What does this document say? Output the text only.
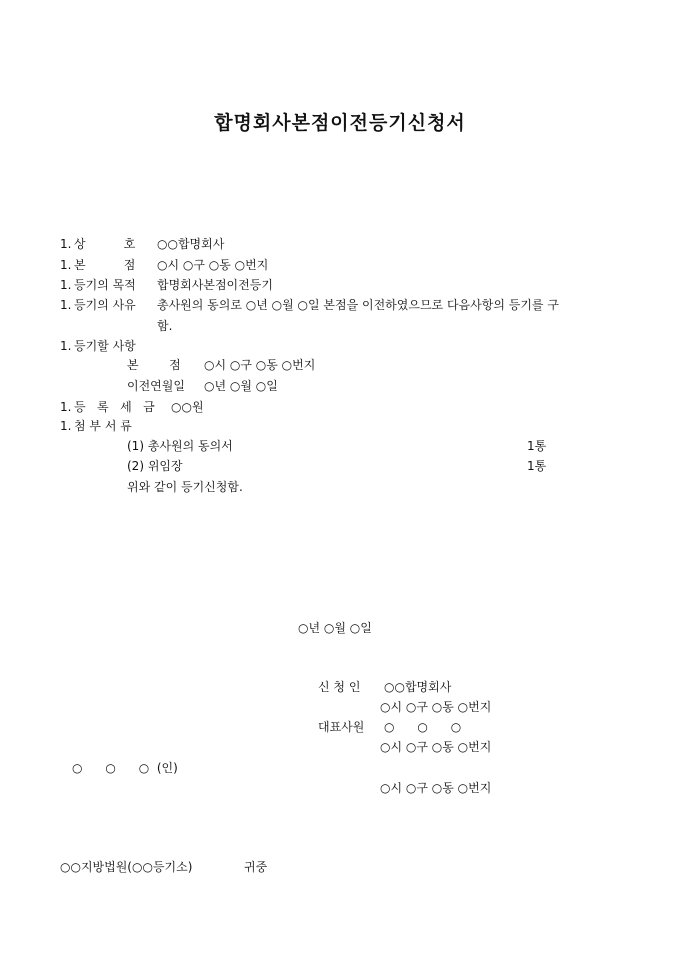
합명회사본점이전등기신청서
1. 상          호 ○○합명회사
1. 본          점 ○시 ○구 ○동 ○번지
1. 등기의 목적 합명회사본점이전등기
1. 등기의 사유 총사원의 동의로 ○년 ○월 ○일 본점을 이전하였으므로 다음사항의 등기를 구
함.
1. 등기할 사항
본        점 ○시 ○구 ○동 ○번지
이전연월일 ○년 ○월 ○일
1. 등   록   세   금 ○○원
1. 첨 부 서 류
(1) 총사원의 동의서	1통
(2) 위임장	1통
위와 같이 등기신청함.
○년 ○월 ○일
신 청 인 ○○합명회사
○시 ○구 ○동 ○번지
대표사원 ○      ○      ○
○시 ○구 ○동 ○번지
○      ○      ○  (인)
○시 ○구 ○동 ○번지
○○지방법원(○○등기소)	귀중
